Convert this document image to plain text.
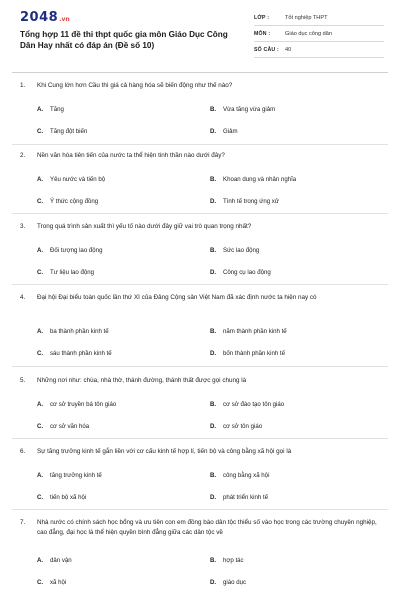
2048 .vn
Tổng hợp 11 đề thi thpt quốc gia môn Giáo Dục Công Dân Hay nhất có đáp án (Đề số 10)
LỚP :	Tốt nghiệp THPT
MÔN :	Giáo dục công dân
SỐ CÂU :	40
1.	Khi Cung lớn hơn Cầu thì giá cả hàng hóa sẽ biến động như thế nào?
A.	Tăng	B.	Vừa tăng vừa giảm
C.	Tăng đột biến	D.	Giảm
2.	Nền văn hóa tiên tiến của nước ta thể hiện tinh thần nào dưới đây?
A.	Yêu nước và tiến bộ	B.	Khoan dung và nhân nghĩa
C.	Ý thức cộng đồng	D.	Tình tế trong ứng xử
3.	Trong quá trình sản xuất thì yếu tố nào dưới đây giữ vai trò quan trọng nhất?
A.	Đối tượng lao động	B.	Sức lao động
C.	Tư liệu lao động	D.	Công cụ lao động
4.	Đại hội Đại biểu toàn quốc lần thứ XI của Đảng Cộng sản Việt Nam đã xác định nước ta hiện nay có
A.	ba thành phần kinh tế	B.	năm thành phần kinh tế
C.	sáu thành phần kinh tế	D.	bốn thành phần kinh tế
5.	Những nơi như: chùa, nhà thờ, thánh đường, thánh thất được gọi chung là
A.	cơ sở truyền bá tôn giáo	B.	cơ sở đào tạo tôn giáo
C.	cơ sở văn hóa	D.	cơ sở tôn giáo
6.	Sự tăng trưởng kinh tế gắn liền với cơ cấu kinh tế hợp lí, tiến bộ và công bằng xã hội gọi là
A.	tăng trưởng kinh tế	B.	công bằng xã hội
C.	tiến bộ xã hội	D.	phát triển kinh tế
7.	Nhà nước có chính sách học bổng và ưu tiên con em đồng bào dân tộc thiểu số vào học trong các trường chuyên nghiệp, cao đẳng, đại học là thể hiện quyền bình đẳng giữa các dân tộc về
A.	dân vận	B.	hợp tác
C.	xã hội	D.	giáo dục
